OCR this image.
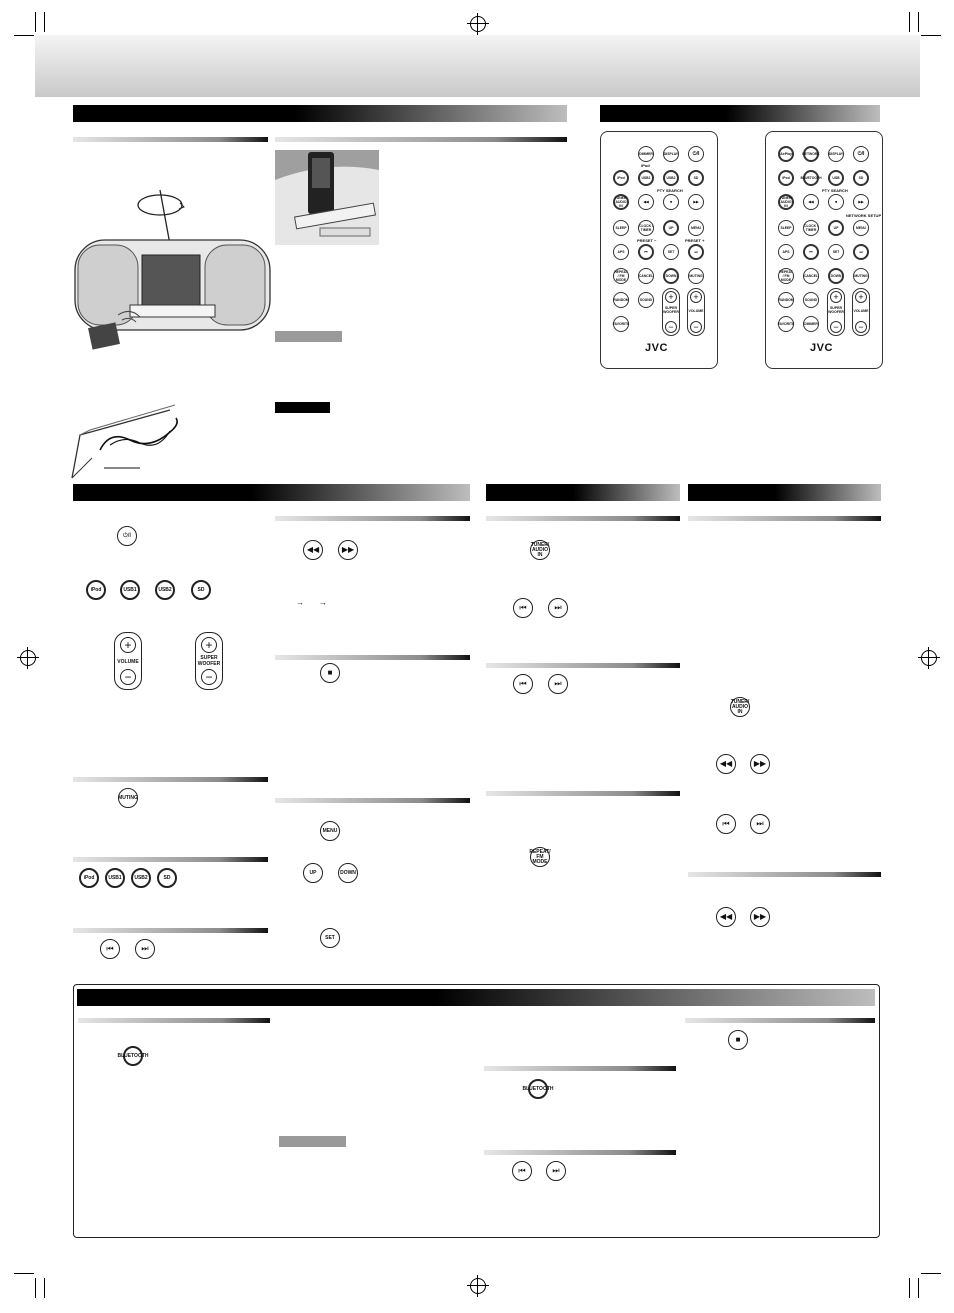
DIMMER	DISPLAY	⏻/I
iPod
iPod	USB1	USB2	SD
PTY SEARCH
TUNER/ AUDIO IN
◀◀	■	▶▶
SLEEP	CLOCK / TIMER	UP	MENU
PRESET −	PRESET +
APS	⏮	SET	⏭
REPEAT / FM MODE
CANCEL	DOWN	MUTING
RANDOM	SOUND
FAVORITE
+
SUPER WOOFER
−
+
VOLUME
−
JVC
AirPlay	NETWORK	DISPLAY	⏻/I
iPod	BLUETOOTH	USB	SD
PTY SEARCH
TUNER/ AUDIO IN
◀◀	■	▶▶
NETWORK SETUP
SLEEP	CLOCK / TIMER	UP	MENU
APS	⏮	SET	⏭
REPEAT / FM MODE
CANCEL	DOWN	MUTING
RANDOM	SOUND
FAVORITE	DIMMER
+
SUPER WOOFER
−
+
VOLUME
−
JVC
⏻/I
iPod	USB1	USB2	SD
+
VOLUME
−
+
SUPER WOOFER
−
MUTING
iPod	USB1	USB2	SD
⏮	⏭
◀◀	▶▶
→ →
■
MENU
UP	DOWN
SET
TUNER/ AUDIO IN
⏮	⏭
⏮	⏭
REPEAT/ FM MODE
TUNER/ AUDIO IN
◀◀	▶▶
⏮	⏭
◀◀	▶▶
BLUETOOTH
BLUETOOTH
⏮	⏭
■
